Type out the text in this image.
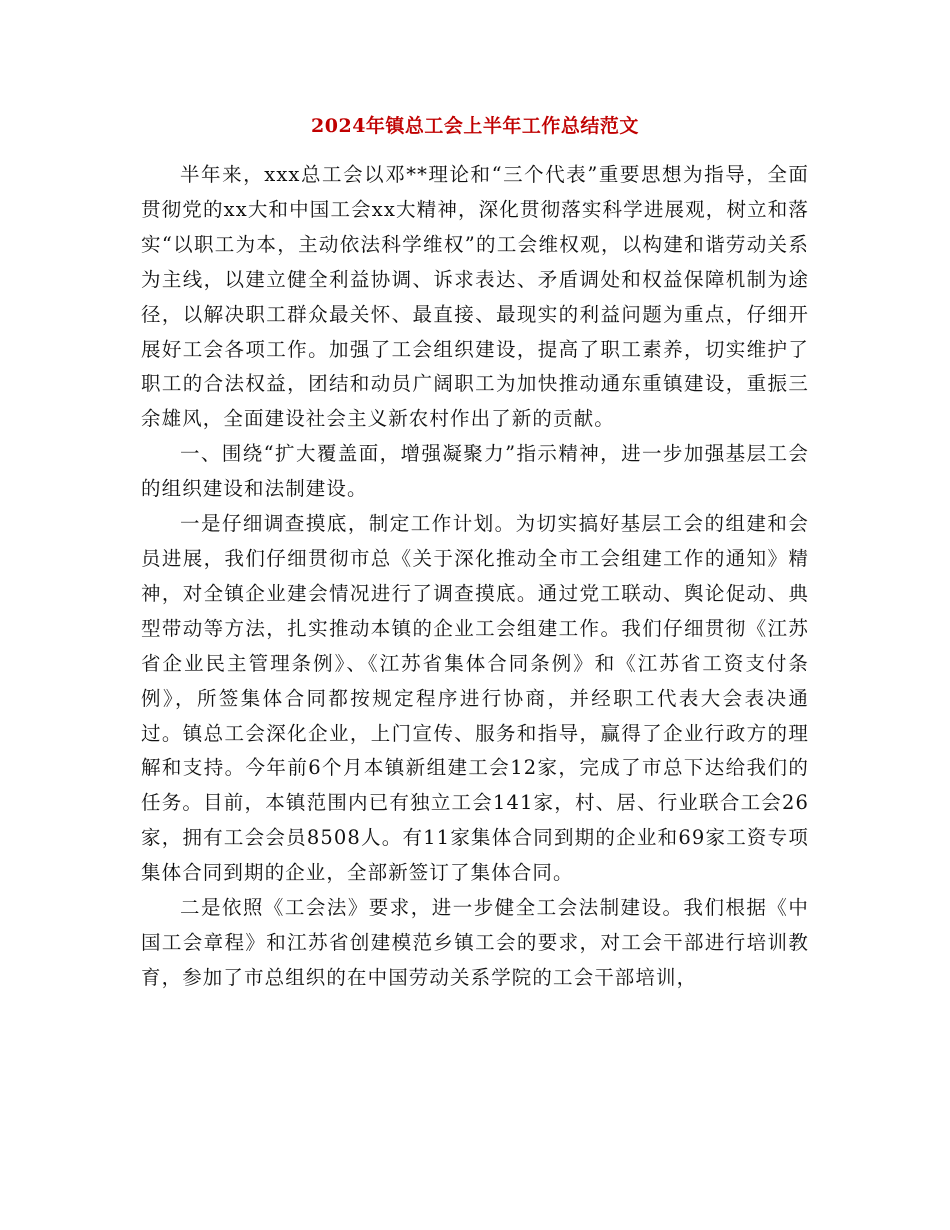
2024年镇总工会上半年工作总结范文

半年来，xxx总工会以邓**理论和“三个代表”重要思想为指导，全面贯彻党的xx大和中国工会xx大精神，深化贯彻落实科学进展观，树立和落实“以职工为本，主动依法科学维权”的工会维权观，以构建和谐劳动关系为主线，以建立健全利益协调、诉求表达、矛盾调处和权益保障机制为途径，以解决职工群众最关怀、最直接、最现实的利益问题为重点，仔细开展好工会各项工作。加强了工会组织建设，提高了职工素养，切实维护了职工的合法权益，团结和动员广阔职工为加快推动通东重镇建设，重振三余雄风，全面建设社会主义新农村作出了新的贡献。

一、围绕“扩大覆盖面，增强凝聚力”指示精神，进一步加强基层工会的组织建设和法制建设。

一是仔细调查摸底，制定工作计划。为切实搞好基层工会的组建和会员进展，我们仔细贯彻市总《关于深化推动全市工会组建工作的通知》精神，对全镇企业建会情况进行了调查摸底。通过党工联动、舆论促动、典型带动等方法，扎实推动本镇的企业工会组建工作。我们仔细贯彻《江苏省企业民主管理条例》、《江苏省集体合同条例》和《江苏省工资支付条例》，所签集体合同都按规定程序进行协商，并经职工代表大会表决通过。镇总工会深化企业，上门宣传、服务和指导，赢得了企业行政方的理解和支持。今年前6个月本镇新组建工会12家，完成了市总下达给我们的任务。目前，本镇范围内已有独立工会141家，村、居、行业联合工会26家，拥有工会会员8508人。有11家集体合同到期的企业和69家工资专项集体合同到期的企业，全部新签订了集体合同。

二是依照《工会法》要求，进一步健全工会法制建设。我们根据《中国工会章程》和江苏省创建模范乡镇工会的要求，对工会干部进行培训教育，参加了市总组织的在中国劳动关系学院的工会干部培训，
